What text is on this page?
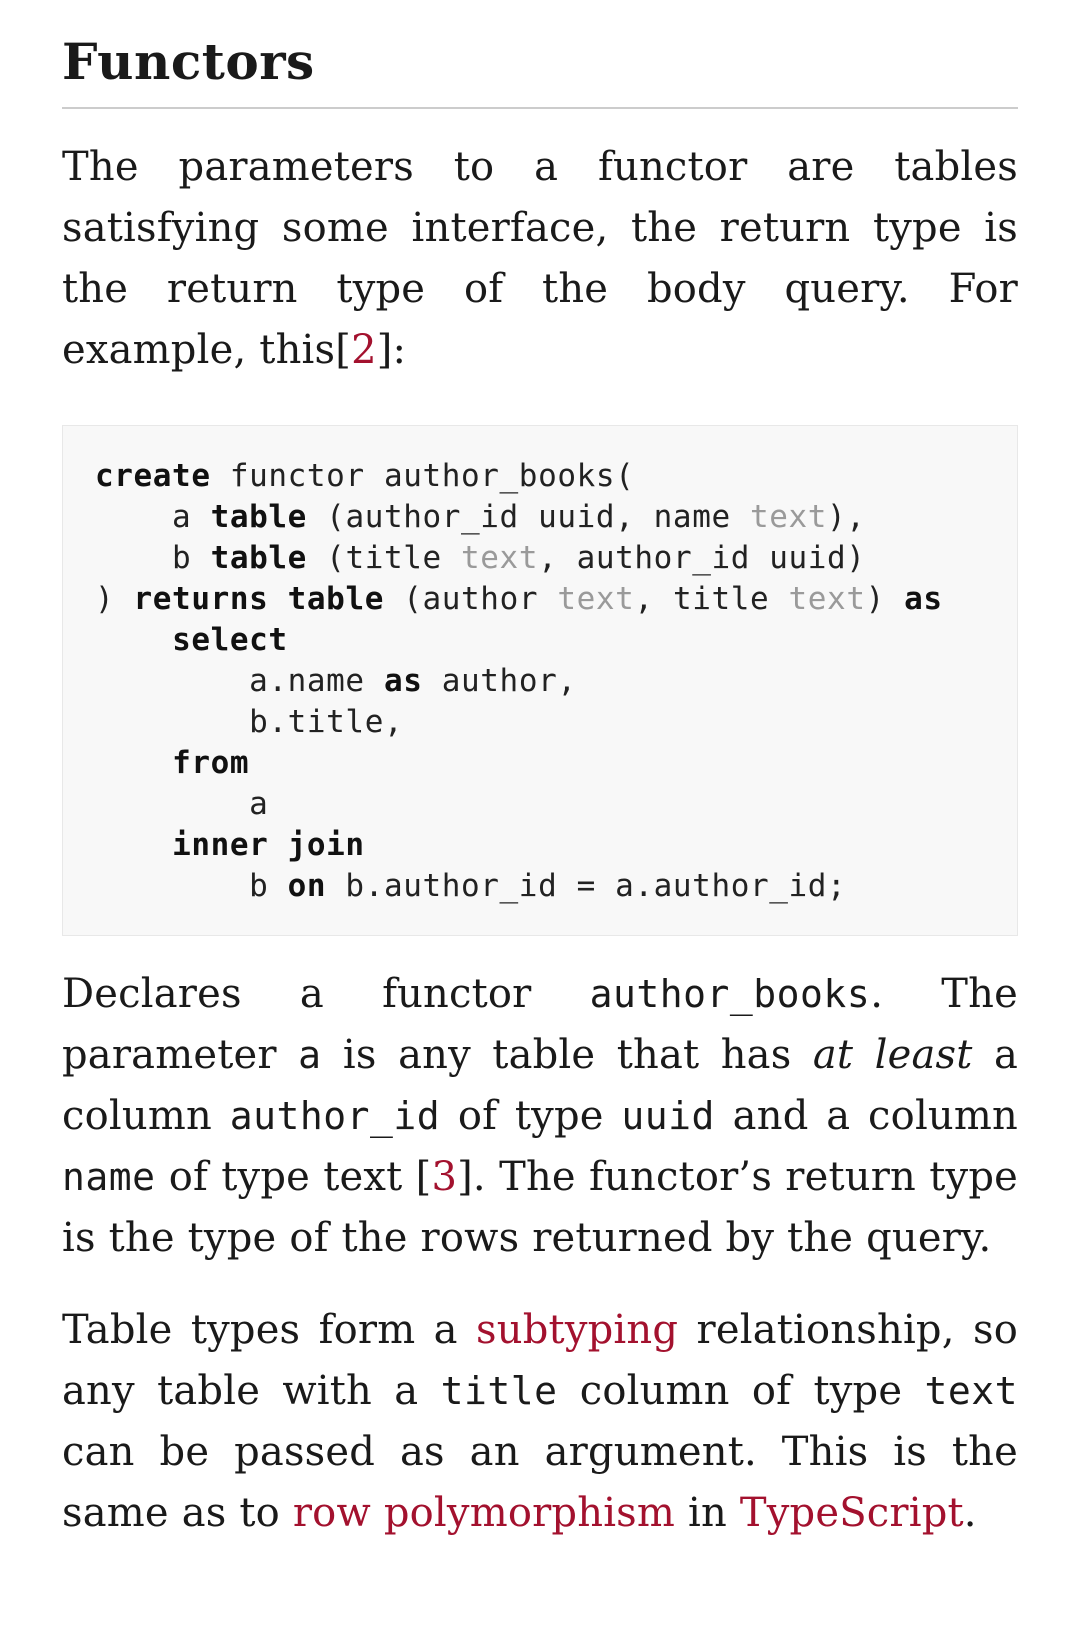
Functors

The parameters to a functor are tables satisfying some interface, the return type is the return type of the body query. For example, this[2]:

create functor author_books(
a table (author_id uuid, name text),
b table (title text, author_id uuid)
) returns table (author text, title text) as
select
a.name as author,
b.title,
from
a
inner join
b on b.author_id = a.author_id;

Declares a functor author_books. The parameter a is any table that has at least a column author_id of type uuid and a column name of type text [3]. The functor’s return type is the type of the rows returned by the query.

Table types form a subtyping relationship, so any table with a title column of type text can be passed as an argument. This is the same as to row polymorphism in TypeScript.
